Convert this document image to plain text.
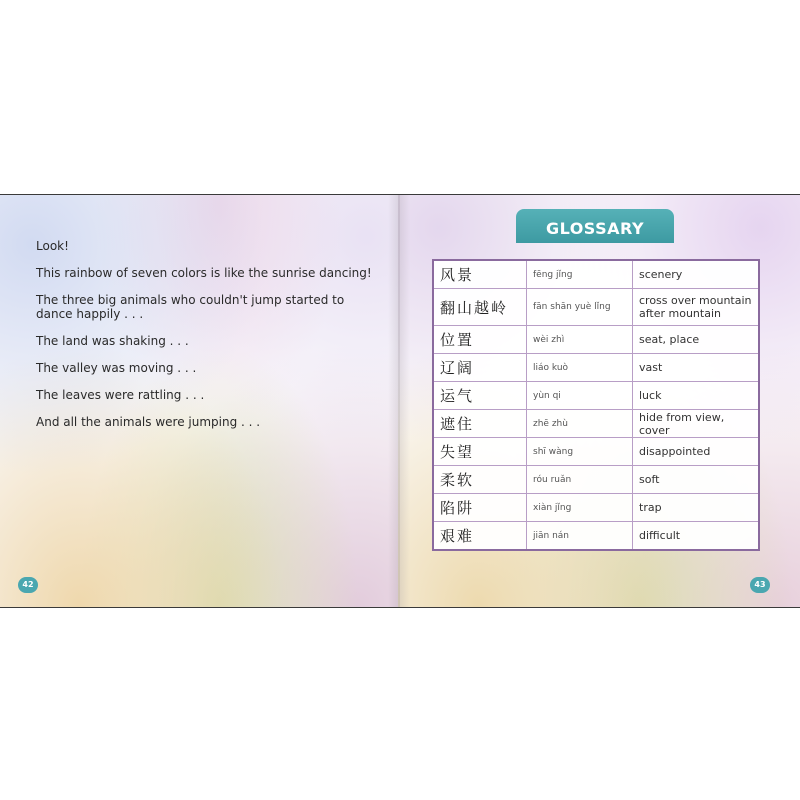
Look!

This rainbow of seven colors is like the sunrise dancing!

The three big animals who couldn't jump started to dance happily . . .

The land was shaking . . .

The valley was moving . . .

The leaves were rattling . . .

And all the animals were jumping . . .

42
GLOSSARY
风景	fēng jǐng	scenery
翻山越岭	fān shān yuè lǐng	cross over mountain after mountain
位置	wèi zhì	seat, place
辽阔	liáo kuò	vast
运气	yùn qi	luck
遮住	zhē zhù	hide from view, cover
失望	shī wàng	disappointed
柔软	róu ruǎn	soft
陷阱	xiàn jǐng	trap
艰难	jiān nán	difficult
43
